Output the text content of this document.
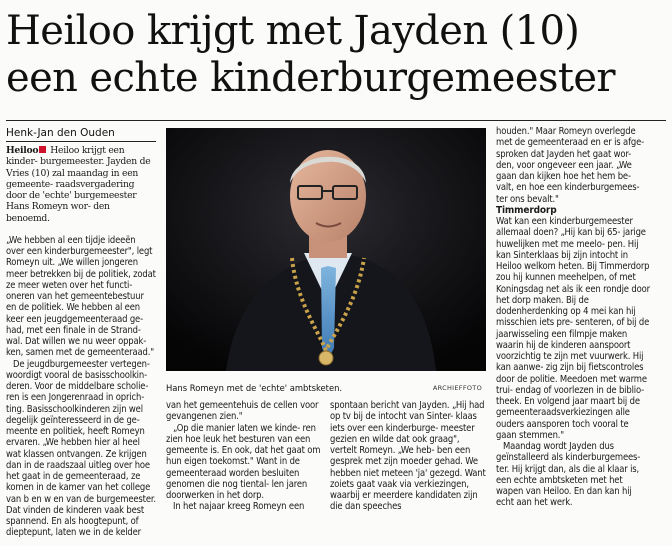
Heiloo krijgt met Jayden (10)
een echte kinderburgemeester

Henk-Jan den Ouden

Heiloo Heiloo krijgt een kinder- burgemeester. Jayden de Vries (10) zal maandag in een gemeente- raadsvergadering door de 'echte' burgemeester Hans Romeyn wor- den benoemd.

„We hebben al een tijdje ideeën over een kinderburgemeester", legt Romeyn uit. „We willen jongeren meer betrekken bij de politiek, zodat ze meer weten over het functi- oneren van het gemeentebestuur en de politiek. We hebben al een keer een jeugdgemeenteraad ge- had, met een finale in de Strand- wal. Dat willen we nu weer oppak- ken, samen met de gemeenteraad."

De jeugdburgemeester vertegen- woordigt vooral de basisschoolkin- deren. Voor de middelbare scholie- ren is een Jongerenraad in oprich- ting. Basisschoolkinderen zijn wel degelijk geïnteresseerd in de ge- meente en politiek, heeft Romeyn ervaren. „We hebben hier al heel wat klassen ontvangen. Ze krijgen dan in de raadszaal uitleg over hoe het gaat in de gemeenteraad, ze komen in de kamer van het college van b en w en van de burgemeester. Dat vinden de kinderen vaak best spannend. En als hoogtepunt, of dieptepunt, laten we in de kelder

Hans Romeyn met de 'echte' ambtsketen.	ARCHIEFFOTO

van het gemeentehuis de cellen voor gevangenen zien."

„Op die manier laten we kinde- ren zien hoe leuk het besturen van een gemeente is. En ook, dat het gaat om hun eigen toekomst." Want in de gemeenteraad worden besluiten genomen die nog tiental- len jaren doorwerken in het dorp.

In het najaar kreeg Romeyn een

spontaan bericht van Jayden. „Hij had op tv bij de intocht van Sinter- klaas iets over een kinderburge- meester gezien en wilde dat ook graag", vertelt Romeyn. „We heb- ben een gesprek met zijn moeder gehad. We hebben niet meteen 'ja' gezegd. Want zoiets gaat vaak via verkiezingen, waarbij er meerdere kandidaten zijn die dan speeches

houden." Maar Romeyn overlegde met de gemeenteraad en er is afge- sproken dat Jayden het gaat wor- den, voor ongeveer een jaar. „We gaan dan kijken hoe het hem be- valt, en hoe een kinderburgemees- ter ons bevalt."

Timmerdorp

Wat kan een kinderburgemeester allemaal doen? „Hij kan bij 65- jarige huwelijken met me meelo- pen. Hij kan Sinterklaas bij zijn intocht in Heiloo welkom heten. Bij Timmerdorp zou hij kunnen meehelpen, of met Koningsdag net als ik een rondje door het dorp maken. Bij de dodenherdenking op 4 mei kan hij misschien iets pre- senteren, of bij de jaarwisseling een filmpje maken waarin hij de kinderen aanspoort voorzichtig te zijn met vuurwerk. Hij kan aanwe- zig zijn bij fietscontroles door de politie. Meedoen met warme trui- endag of voorlezen in de biblio- theek. En volgend jaar maart bij de gemeenteraadsverkiezingen alle ouders aansporen toch vooral te gaan stemmen."

Maandag wordt Jayden dus geïnstalleerd als kinderburgemees- ter. Hij krijgt dan, als die al klaar is, een echte ambtsketen met het wapen van Heiloo. En dan kan hij echt aan het werk.
